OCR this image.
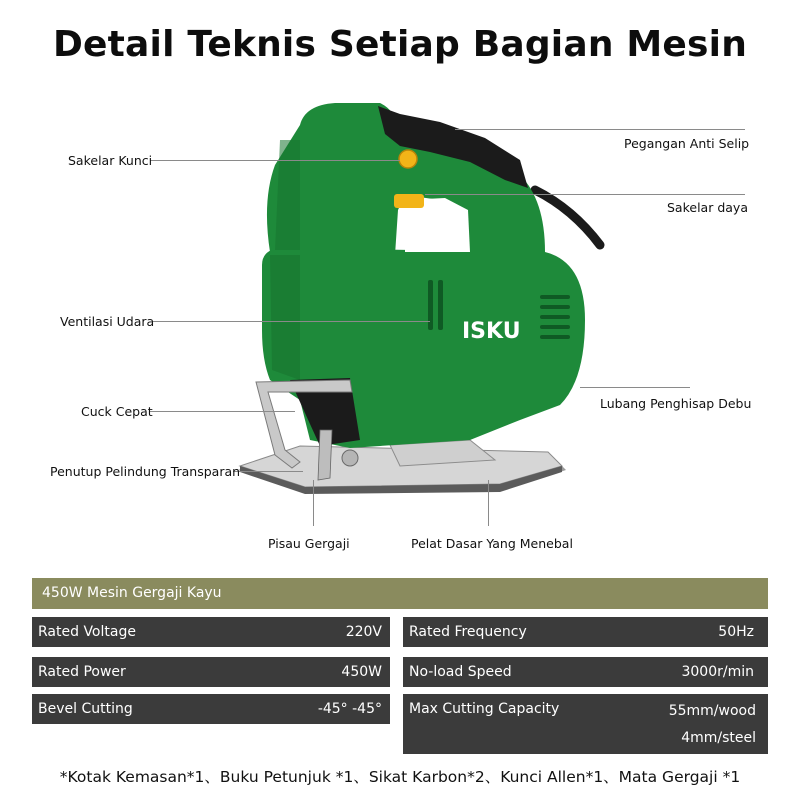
Detail Teknis Setiap Bagian Mesin
ISKU
Sakelar Kunci
Pegangan Anti Selip
Sakelar daya
Ventilasi Udara
Lubang Penghisap Debu
Cuck Cepat
Penutup Pelindung Transparan
Pisau Gergaji	Pelat Dasar Yang Menebal
450W Mesin Gergaji Kayu
Rated Voltage	220V Rated Frequency	50Hz
Rated Power	450W No-load Speed	3000r/min
Bevel Cutting	-45° -45° Max Cutting Capacity	55mm/wood
4mm/steel
*Kotak Kemasan*1、Buku Petunjuk *1、Sikat Karbon*2、Kunci Allen*1、Mata Gergaji *1
